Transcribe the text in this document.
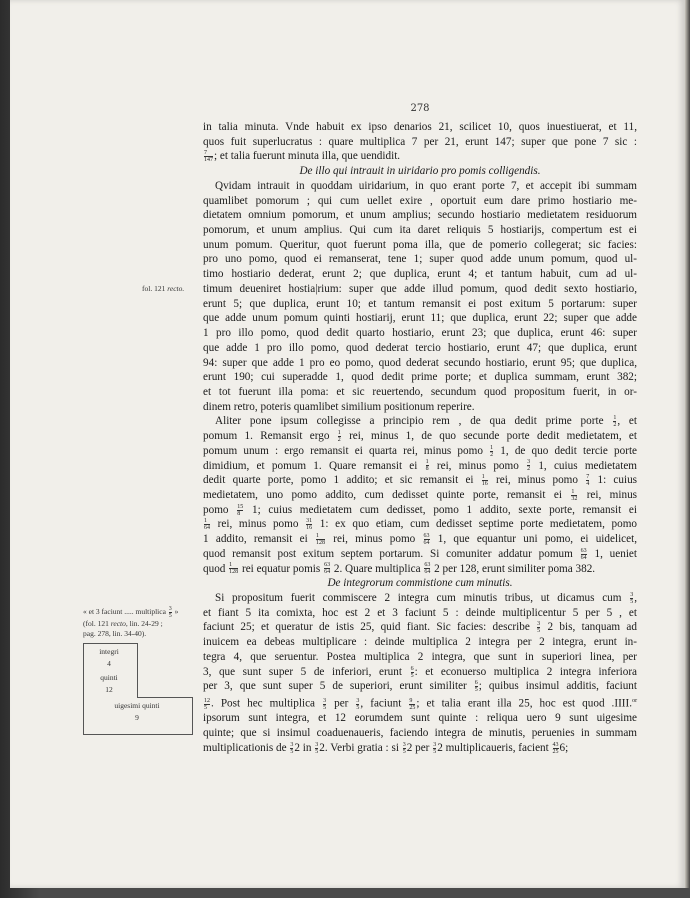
278
fol. 121 recto.
« et 3 faciunt ..... multiplica $\frac{3}{5}$ »
(fol. 121 recto, lin. 24-29 ;
pag. 278, lin. 34-40).
integri
4
quinti
12
uigesimi quinti
9
in talia minuta. Vnde habuit ex ipso denarios 21, scilicet 10, quos inuestiuerat, et 11,
quos fuit superlucratus : quare multiplica 7 per 21, erunt 147; super que pone 7 sic :
$\frac{7}{147}$ ; et talia fuerunt minuta illa, que uendidit.
De illo qui intrauit in uiridario pro pomis colligendis.
Qvidam intrauit in quoddam uiridarium, in quo erant porte 7, et accepit ibi summam
quamlibet pomorum ; qui cum uellet exire , oportuit eum dare primo hostiario me-
dietatem omnium pomorum, et unum amplius; secundo hostiario medietatem residuorum
pomorum, et unum amplius. Qui cum ita daret reliquis 5 hostiarijs, compertum est ei
unum pomum. Queritur, quot fuerunt poma illa, que de pomerio collegerat; sic facies:
pro uno pomo, quod ei remanserat, tene 1; super quod adde unum pomum, quod ul-
timo hostiario dederat, erunt 2; que duplica, erunt 4; et tantum habuit, cum ad ul-
timum deueniret hostia|rium: super que adde illud pomum, quod dedit sexto hostiario,
erunt 5; que duplica, erunt 10; et tantum remansit ei post exitum 5 portarum: super
que adde unum pomum quinti hostiarij, erunt 11; que duplica, erunt 22; super que adde
1 pro illo pomo, quod dedit quarto hostiario, erunt 23; que duplica, erunt 46: super
que adde 1 pro illo pomo, quod dederat tercio hostiario, erunt 47; que duplica, erunt
94: super que adde 1 pro eo pomo, quod dederat secundo hostiario, erunt 95; que duplica,
erunt 190; cui superadde 1, quod dedit prime porte; et duplica summam, erunt 382;
et tot fuerunt illa poma: et sic reuertendo, secundum quod propositum fuerit, in or-
dinem retro, poteris quamlibet similium positionum reperire.
Aliter pone ipsum collegisse a principio rem , de qua dedit prime porte $\frac{1}{2}$ , et
pomum 1. Remansit ergo $\frac{1}{2}$ rei, minus 1, de quo secunde porte dedit medietatem, et
pomum unum : ergo remansit ei quarta rei, minus pomo $\frac{1}{2} 1$, de quo dedit tercie porte
dimidium, et pomum 1. Quare remansit ei $\frac{1}{8}$ rei, minus pomo $\frac{3}{2} 1$, cuius medietatem
dedit quarte porte, pomo 1 addito; et sic remansit ei $\frac{1}{16}$ rei, minus pomo $\frac{7}{4} 1$: cuius
medietatem, uno pomo addito, cum dedisset quinte porte, remansit ei $\frac{1}{32}$ rei, minus
pomo $\frac{15}{8} 1$; cuius medietatem cum dedisset, pomo 1 addito, sexte porte, remansit ei
$\frac{1}{64}$ rei, minus pomo $\frac{31}{16} 1$: ex quo etiam, cum dedisset septime porte medietatem, pomo
1 addito, remansit ei $\frac{1}{128}$ rei, minus pomo $\frac{63}{64} 1$, que equantur uni pomo, ei uidelicet,
quod remansit post exitum septem portarum. Si comuniter addatur pomum $\frac{63}{64} 1$, ueniet
quod $\frac{1}{128}$ rei equatur pomis $\frac{63}{64} 2$. Quare multiplica $\frac{63}{64} 2$ per 128, erunt similiter poma 382.
De integrorum commistione cum minutis.
Si propositum fuerit commiscere 2 integra cum minutis tribus, ut dicamus cum $\frac{3}{5}$ ,
et fiant 5 ita comixta, hoc est 2 et 3 faciunt 5 : deinde multiplicentur 5 per 5 , et
faciunt 25; et queratur de istis 25, quid fiant. Sic facies: describe $\frac{3}{5} 2$ bis, tanquam ad
inuicem ea debeas multiplicare : deinde multiplica 2 integra per 2 integra, erunt in-
tegra 4, que seruentur. Postea multiplica 2 integra, que sunt in superiori linea, per
3, que sunt super 5 de inferiori, erunt $\frac{6}{5}$ : et econuerso multiplica 2 integra inferiora
per 3, que sunt super 5 de superiori, erunt similiter $\frac{6}{5}$ ; quibus insimul additis, faciunt
$\frac{12}{5}$ . Post hec multiplica $\frac{3}{5}$ per $\frac{3}{5}$ , faciunt $\frac{9}{25}$ ; et talia erant illa 25, hoc est quod .IIII.$^{or}$
ipsorum sunt integra, et 12 eorumdem sunt quinte : reliqua uero 9 sunt uigesime
quinte; que si insimul coaduenaueris, faciendo integra de minutis, peruenies in summam
multiplicationis de $\frac{3}{5} 2$ in $\frac{3}{5} 2$. Verbi gratia : si $\frac{3}{5} 2$ per $\frac{3}{5} 2$ multiplicaueris, facient $\frac{43}{25} 6$;
